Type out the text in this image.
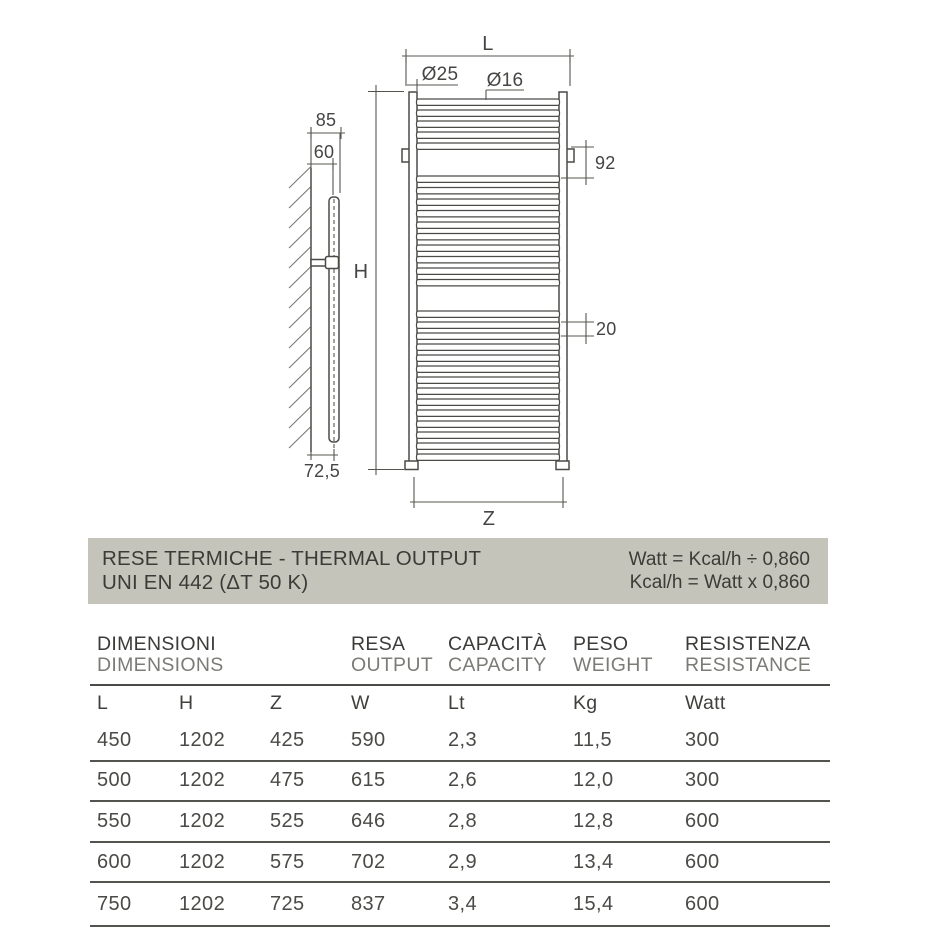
85
60
72,5
H
L
Ø25 Ø16
92
20
Z
RESE TERMICHE - THERMAL OUTPUT
UNI EN 442 (ΔT 50 K)
Watt = Kcal/h ÷ 0,860
Kcal/h = Watt x 0,860
DIMENSIONI
DIMENSIONS
RESA
OUTPUT
CAPACITÀ
CAPACITY
PESO
WEIGHT
RESISTENZA
RESISTANCE
L	H	Z	W	Lt	Kg	Watt
450	1202	425	590	2,3	11,5	300
500	1202	475	615	2,6	12,0	300
550	1202	525	646	2,8	12,8	600
600	1202	575	702	2,9	13,4	600
750	1202	725	837	3,4	15,4	600
